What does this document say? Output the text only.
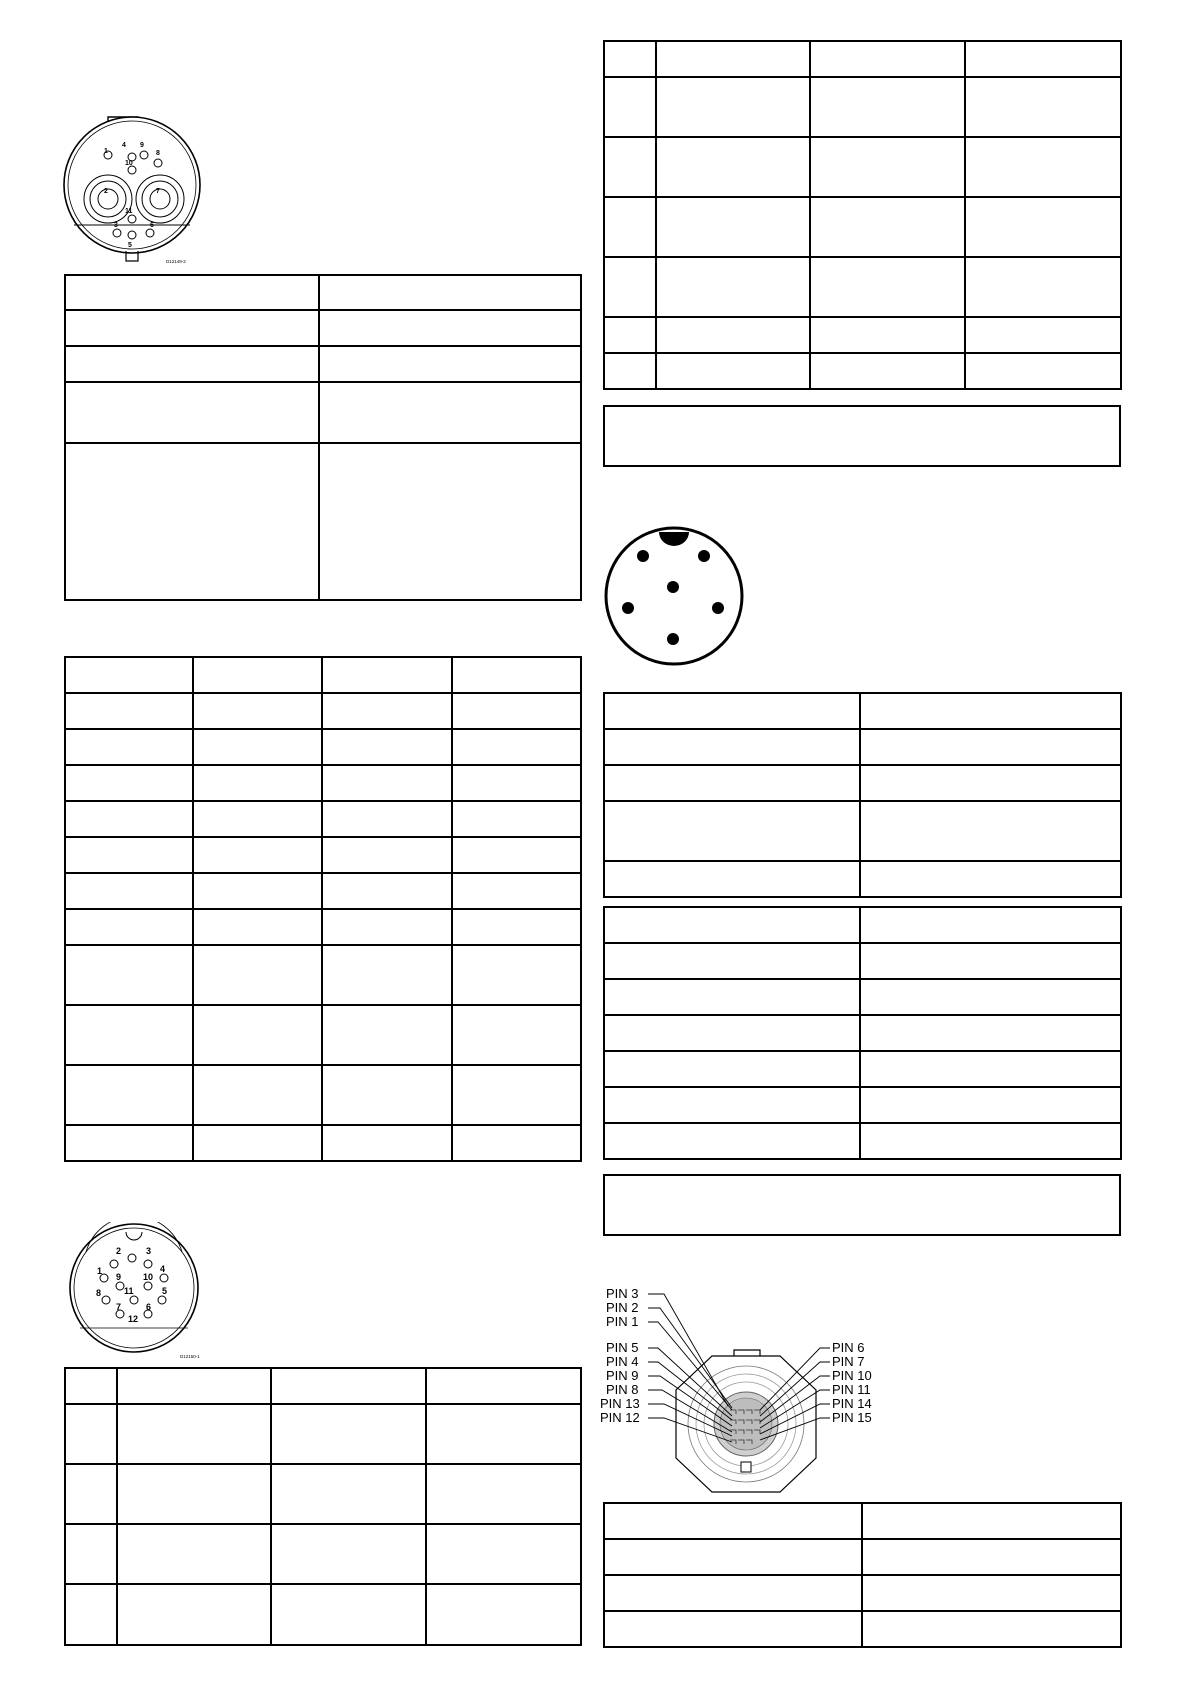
1
2
3
4
5
6
7
8
9
10
11
D12149-2

1
2	3
4
5
6
7
8
9 10
11
12
D12150-1

PIN 3
PIN 2
PIN 1
PIN 5
PIN 4
PIN 9
PIN 8
PIN 13
PIN 12
PIN 6
PIN 7
PIN 10
PIN 11
PIN 14
PIN 15
